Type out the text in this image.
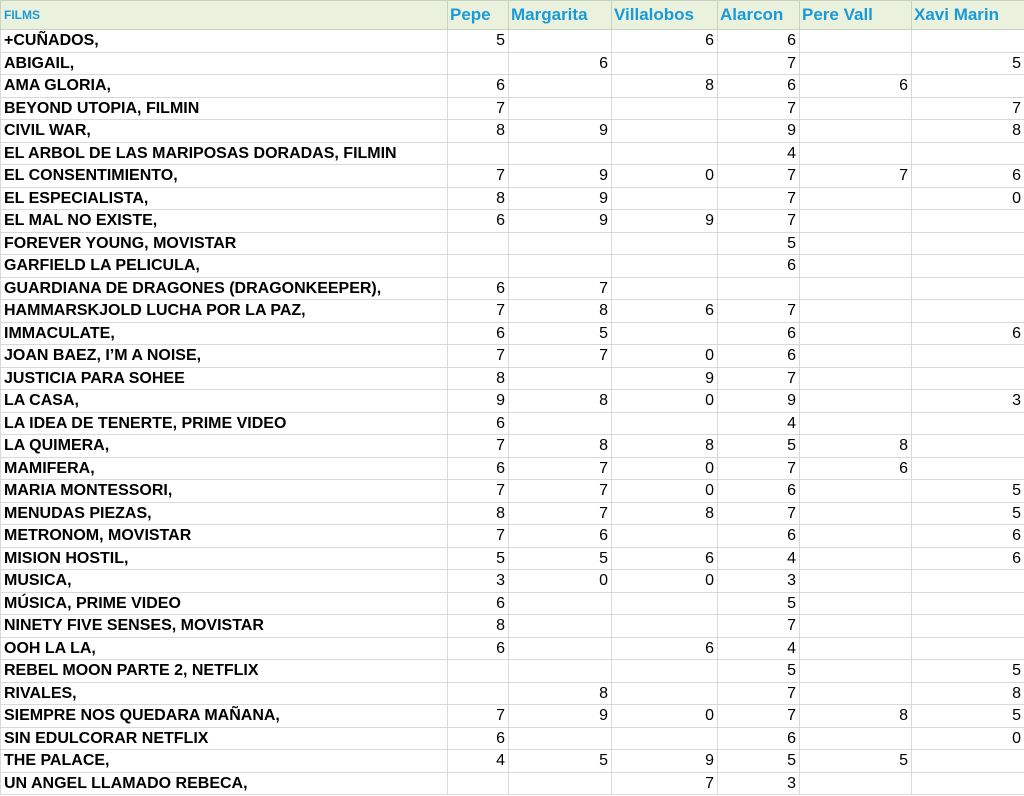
FILMS	Pepe	Margarita	Villalobos	Alarcon	Pere Vall	Xavi Marin
+CUÑADOS,	5		6	6		
ABIGAIL,		6		7		5
AMA GLORIA,	6		8	6	6	
BEYOND UTOPIA, FILMIN	7			7		7
CIVIL WAR,	8	9		9		8
EL ARBOL DE LAS MARIPOSAS DORADAS, FILMIN				4		
EL CONSENTIMIENTO,	7	9	0	7	7	6
EL ESPECIALISTA,	8	9		7		0
EL MAL NO EXISTE,	6	9	9	7		
FOREVER YOUNG, MOVISTAR				5		
GARFIELD LA PELICULA,				6		
GUARDIANA DE DRAGONES (DRAGONKEEPER),	6	7				
HAMMARSKJOLD LUCHA POR LA PAZ,	7	8	6	7		
IMMACULATE,	6	5		6		6
JOAN BAEZ, I’M A NOISE,	7	7	0	6		
JUSTICIA PARA SOHEE	8		9	7		
LA CASA,	9	8	0	9		3
LA IDEA DE TENERTE, PRIME VIDEO	6			4		
LA QUIMERA,	7	8	8	5	8	
MAMIFERA,	6	7	0	7	6	
MARIA MONTESSORI,	7	7	0	6		5
MENUDAS PIEZAS,	8	7	8	7		5
METRONOM, MOVISTAR	7	6		6		6
MISION HOSTIL,	5	5	6	4		6
MUSICA,	3	0	0	3		
MÚSICA, PRIME VIDEO	6			5		
NINETY FIVE SENSES, MOVISTAR	8			7		
OOH LA LA,	6		6	4		
REBEL MOON PARTE 2, NETFLIX				5		5
RIVALES,		8		7		8
SIEMPRE NOS QUEDARA MAÑANA,	7	9	0	7	8	5
SIN EDULCORAR NETFLIX	6			6		0
THE PALACE,	4	5	9	5	5	
UN ANGEL LLAMADO REBECA,			7	3		
